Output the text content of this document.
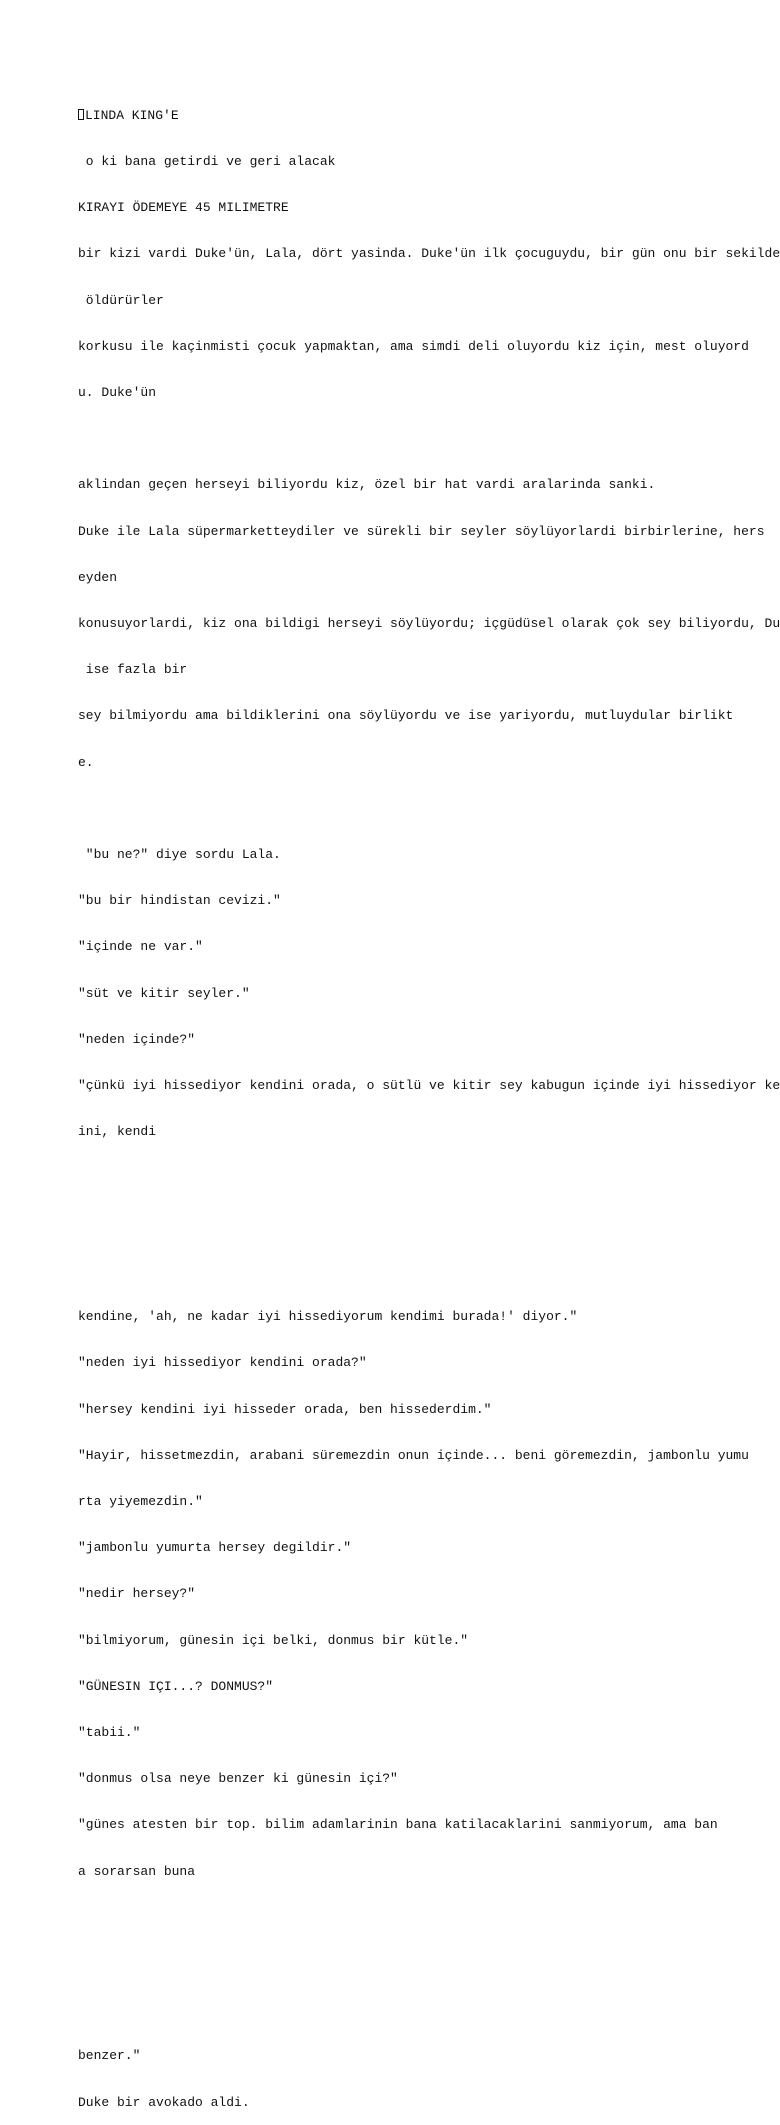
LINDA KING'E

o ki bana getirdi ve geri alacak

KIRAYI ÖDEMEYE 45 MILIMETRE

bir kizi vardi Duke'ün, Lala, dört yasinda. Duke'ün ilk çocuguydu, bir gün onu bir sekilde

öldürürler

korkusu ile kaçinmisti çocuk yapmaktan, ama simdi deli oluyordu kiz için, mest oluyord

u. Duke'ün

aklindan geçen herseyi biliyordu kiz, özel bir hat vardi aralarinda sanki.

Duke ile Lala süpermarketteydiler ve sürekli bir seyler söylüyorlardi birbirlerine, hers

eyden

konusuyorlardi, kiz ona bildigi herseyi söylüyordu; içgüdüsel olarak çok sey biliyordu, Du

ise fazla bir

sey bilmiyordu ama bildiklerini ona söylüyordu ve ise yariyordu, mutluydular birlikt

e.

"bu ne?" diye sordu Lala.

"bu bir hindistan cevizi."

"içinde ne var."

"süt ve kitir seyler."

"neden içinde?"

"çünkü iyi hissediyor kendini orada, o sütlü ve kitir sey kabugun içinde iyi hissediyor ke

ini, kendi

kendine, 'ah, ne kadar iyi hissediyorum kendimi burada!' diyor."

"neden iyi hissediyor kendini orada?"

"hersey kendini iyi hisseder orada, ben hissederdim."

"Hayir, hissetmezdin, arabani süremezdin onun içinde... beni göremezdin, jambonlu yumu

rta yiyemezdin."

"jambonlu yumurta hersey degildir."

"nedir hersey?"

"bilmiyorum, günesin içi belki, donmus bir kütle."

"GÜNESIN IÇI...? DONMUS?"

"tabii."

"donmus olsa neye benzer ki günesin içi?"

"günes atesten bir top. bilim adamlarinin bana katilacaklarini sanmiyorum, ama ban

a sorarsan buna

benzer."

Duke bir avokado aldi.
